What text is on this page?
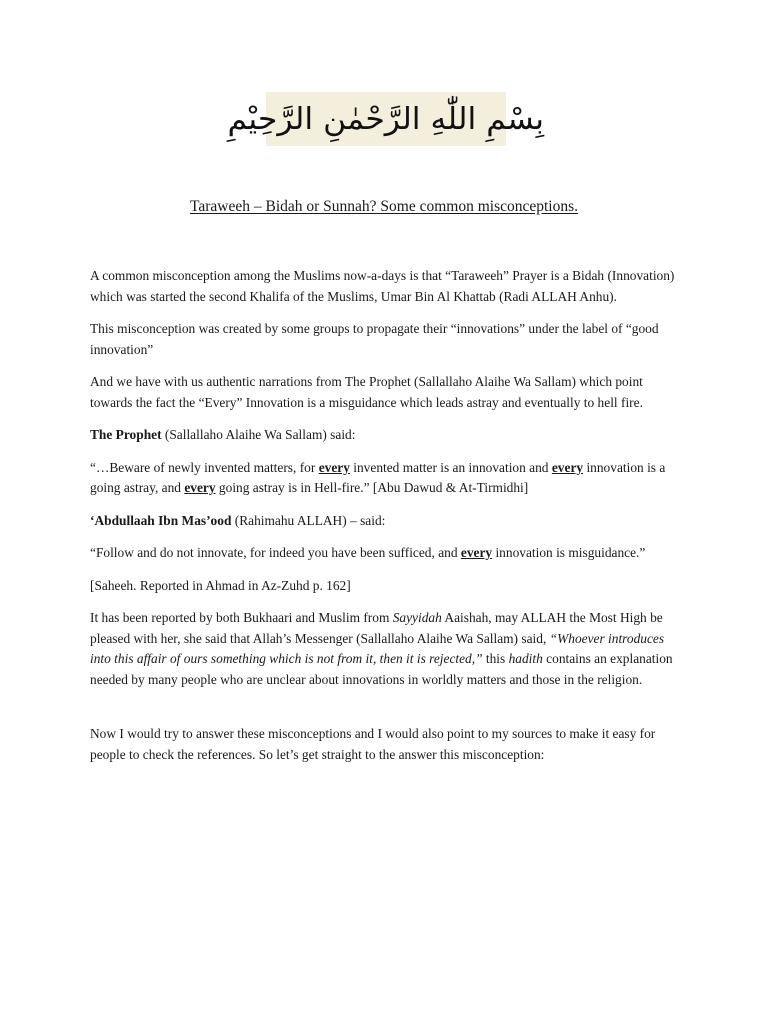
بِسْمِ اللّٰهِ الرَّحْمٰنِ الرَّحِيْمِ
Taraweeh – Bidah or Sunnah? Some common misconceptions.

A common misconception among the Muslims now-a-days is that “Taraweeh” Prayer is a Bidah (Innovation) which was started the second Khalifa of the Muslims, Umar Bin Al Khattab (Radi ALLAH Anhu).

This misconception was created by some groups to propagate their “innovations” under the label of “good innovation”

And we have with us authentic narrations from The Prophet (Sallallaho Alaihe Wa Sallam) which point towards the fact the “Every” Innovation is a misguidance which leads astray and eventually to hell fire.

The Prophet (Sallallaho Alaihe Wa Sallam) said:

“…Beware of newly invented matters, for every invented matter is an innovation and every innovation is a going astray, and every going astray is in Hell-fire.” [Abu Dawud & At-Tirmidhi]

‘Abdullaah Ibn Mas’ood (Rahimahu ALLAH) – said:

“Follow and do not innovate, for indeed you have been sufficed, and every innovation is misguidance.”

[Saheeh. Reported in Ahmad in Az-Zuhd p. 162]

It has been reported by both Bukhaari and Muslim from Sayyidah Aaishah, may ALLAH the Most High be pleased with her, she said that Allah’s Messenger (Sallallaho Alaihe Wa Sallam) said, “Whoever introduces into this affair of ours something which is not from it, then it is rejected,” this hadith contains an explanation needed by many people who are unclear about innovations in worldly matters and those in the religion.

Now I would try to answer these misconceptions and I would also point to my sources to make it easy for people to check the references. So let’s get straight to the answer this misconception:
